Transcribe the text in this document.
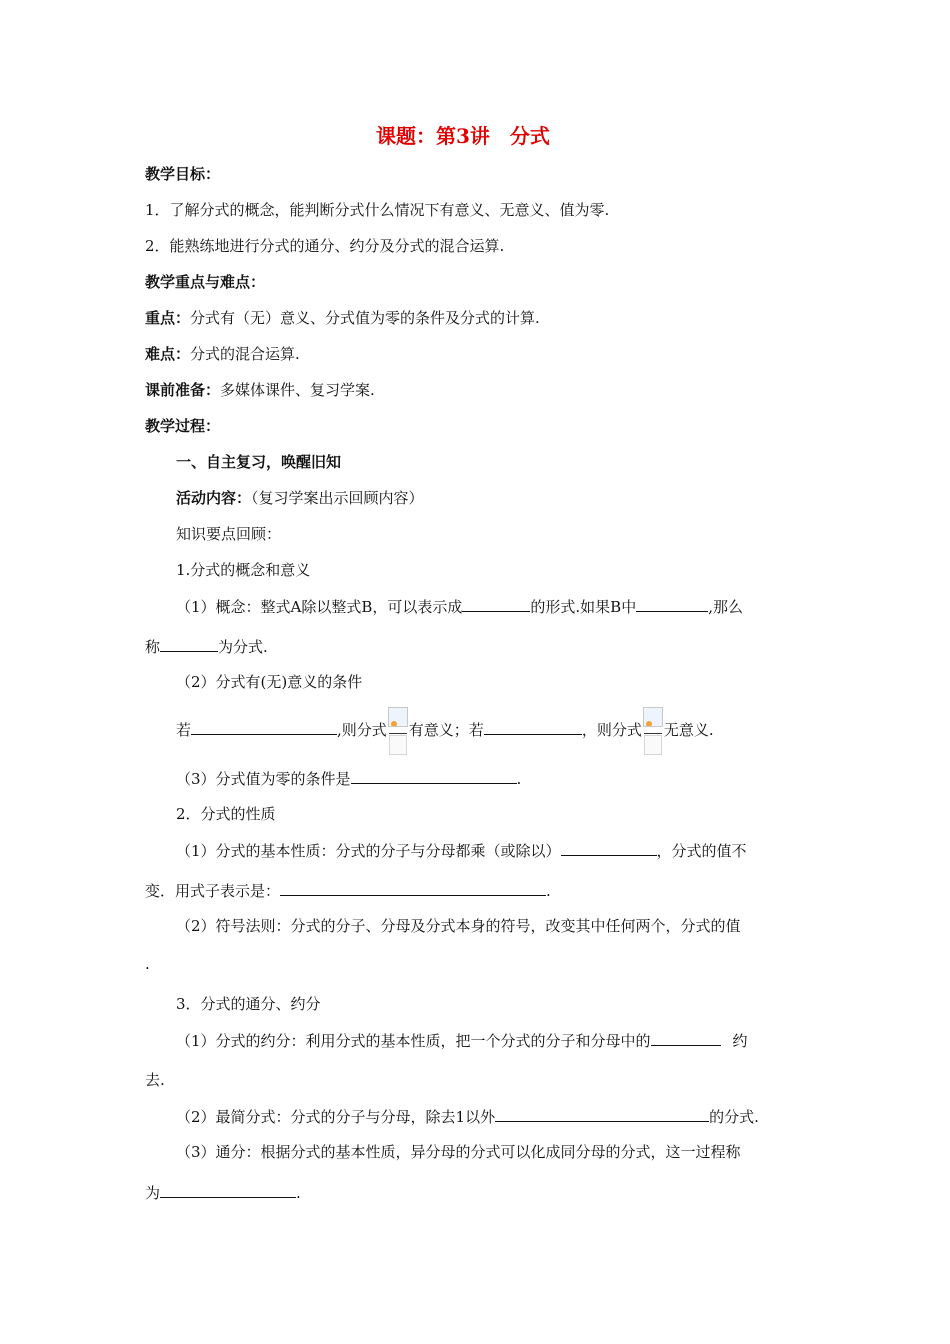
课题：第3讲　分式
教学目标：
1．了解分式的概念，能判断分式什么情况下有意义、无意义、值为零.
2．能熟练地进行分式的通分、约分及分式的混合运算.
教学重点与难点：
重点：分式有（无）意义、分式值为零的条件及分式的计算.
难点：分式的混合运算.
课前准备：多媒体课件、复习学案.
教学过程：
一、自主复习，唤醒旧知
活动内容：（复习学案出示回顾内容）
知识要点回顾：
1.分式的概念和意义
（1）概念：整式A除以整式B，可以表示成	的形式.如果B中	,那么
称	为分式.
（2）分式有(无)意义的条件
若	,则分式 有意义；若	，则分式 无意义.
（3）分式值为零的条件是	.
2．分式的性质
（1）分式的基本性质：分式的分子与分母都乘（或除以）	，分式的值不
变．用式子表示是：	.
（2）符号法则：分式的分子、分母及分式本身的符号，改变其中任何两个，分式的值
.
3．分式的通分、约分
（1）分式的约分：利用分式的基本性质，把一个分式的分子和分母中的	约
去.
（2）最简分式：分式的分子与分母，除去1以外	的分式.
（3）通分：根据分式的基本性质，异分母的分式可以化成同分母的分式，这一过程称
为	.
